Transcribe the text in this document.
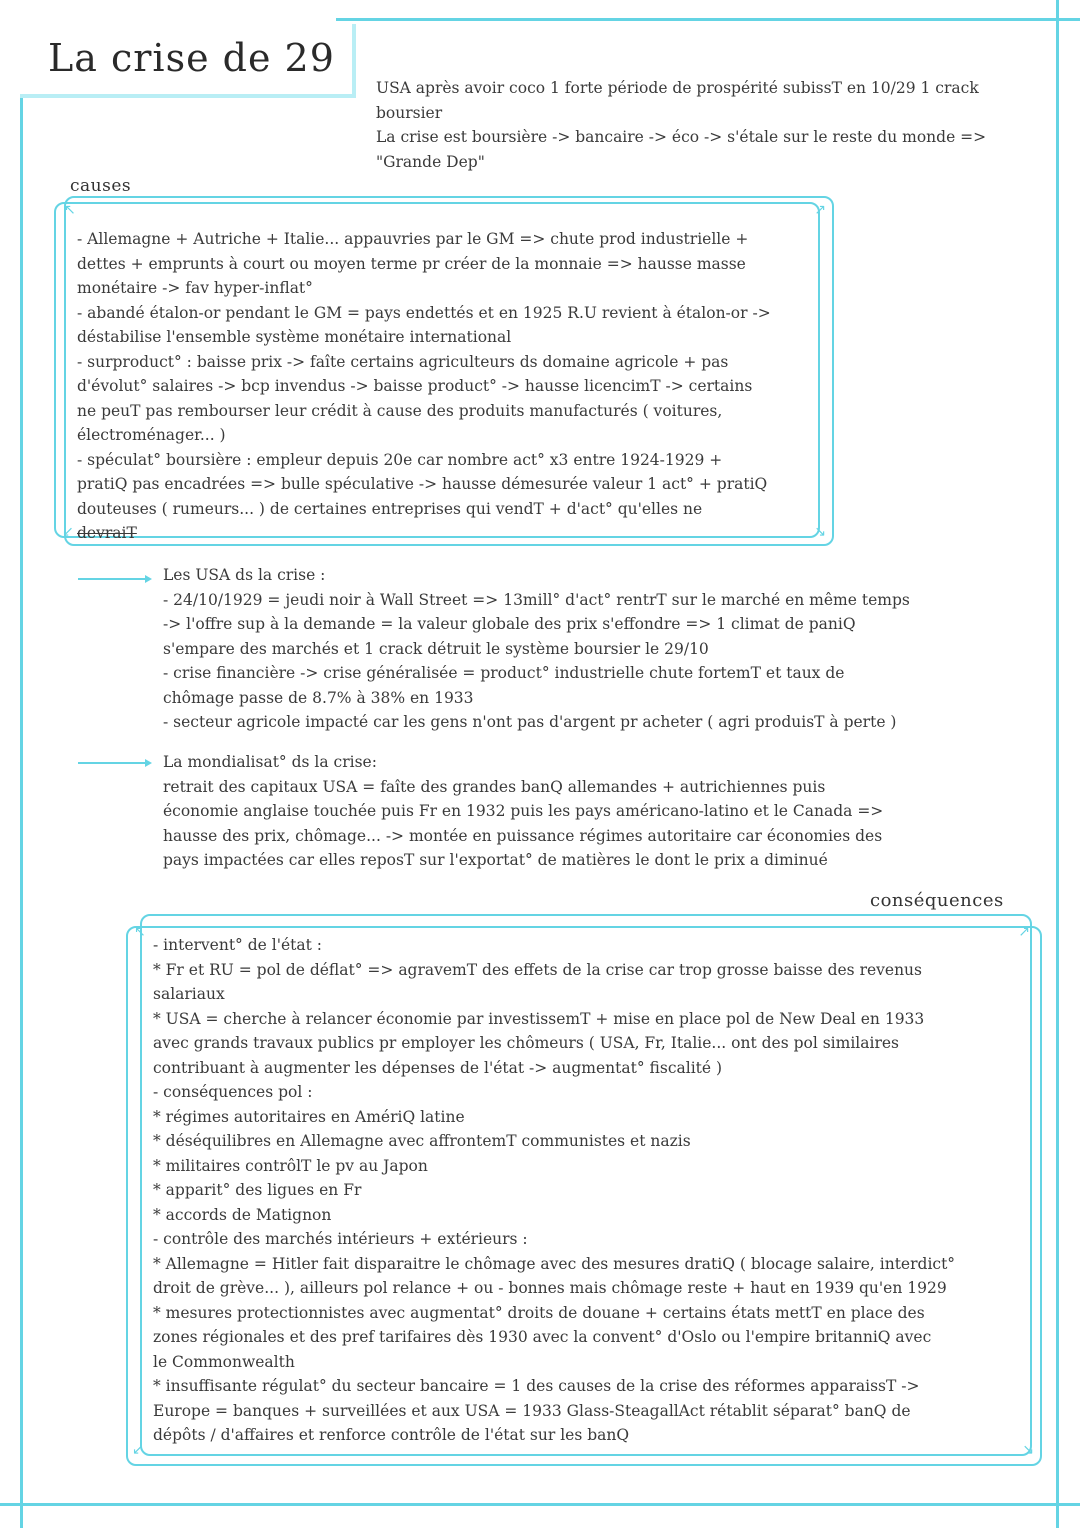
La crise de 29

USA après avoir coco 1 forte période de prospérité subissT en 10/29 1 crack

boursier

La crise est boursière -> bancaire -> éco -> s'étale sur le reste du monde =>

"Grande Dep"

causes
↖	↗
↙	↘

- Allemagne + Autriche + Italie... appauvries par le GM => chute prod industrielle +

dettes + emprunts à court ou moyen terme pr créer de la monnaie => hausse masse

monétaire -> fav hyper-inflat°

- abandé étalon-or pendant le GM = pays endettés et en 1925 R.U revient à étalon-or ->

déstabilise l'ensemble système monétaire international

- surproduct° : baisse prix -> faîte certains agriculteurs ds domaine agricole + pas

d'évolut° salaires -> bcp invendus -> baisse product° -> hausse licencimT -> certains

ne peuT pas rembourser leur crédit à cause des produits manufacturés ( voitures,

électroménager... )

- spéculat° boursière : empleur depuis 20e car nombre act° x3 entre 1924-1929 +

pratiQ pas encadrées => bulle spéculative -> hausse démesurée valeur 1 act° + pratiQ

douteuses ( rumeurs... ) de certaines entreprises qui vendT + d'act° qu'elles ne

devraiT

Les USA ds la crise :

- 24/10/1929 = jeudi noir à Wall Street => 13mill° d'act° rentrT sur le marché en même temps

-> l'offre sup à la demande = la valeur globale des prix s'effondre => 1 climat de paniQ

s'empare des marchés et 1 crack détruit le système boursier le 29/10

- crise financière -> crise généralisée = product° industrielle chute fortemT et taux de

chômage passe de 8.7% à 38% en 1933

- secteur agricole impacté car les gens n'ont pas d'argent pr acheter ( agri produisT à perte )

La mondialisat° ds la crise:

retrait des capitaux USA = faîte des grandes banQ allemandes + autrichiennes puis

économie anglaise touchée puis Fr en 1932 puis les pays américano-latino et le Canada =>

hausse des prix, chômage... -> montée en puissance régimes autoritaire car économies des

pays impactées car elles reposT sur l'exportat° de matières le dont le prix a diminué

conséquences
↖	↗
↙	↘

- intervent° de l'état :

* Fr et RU = pol de déflat° => agravemT des effets de la crise car trop grosse baisse des revenus

salariaux

* USA = cherche à relancer économie par investissemT + mise en place pol de New Deal en 1933

avec grands travaux publics pr employer les chômeurs ( USA, Fr, Italie... ont des pol similaires

contribuant à augmenter les dépenses de l'état -> augmentat° fiscalité )

- conséquences pol :

* régimes autoritaires en AmériQ latine

* déséquilibres en Allemagne avec affrontemT communistes et nazis

* militaires contrôlT le pv au Japon

* apparit° des ligues en Fr

* accords de Matignon

- contrôle des marchés intérieurs + extérieurs :

* Allemagne = Hitler fait disparaitre le chômage avec des mesures dratiQ ( blocage salaire, interdict°

droit de grève... ), ailleurs pol relance + ou - bonnes mais chômage reste + haut en 1939 qu'en 1929

* mesures protectionnistes avec augmentat° droits de douane + certains états mettT en place des

zones régionales et des pref tarifaires dès 1930 avec la convent° d'Oslo ou l'empire britanniQ avec

le Commonwealth

* insuffisante régulat° du secteur bancaire = 1 des causes de la crise des réformes apparaissT ->

Europe = banques + surveillées et aux USA = 1933 Glass-SteagallAct rétablit séparat° banQ de

dépôts / d'affaires et renforce contrôle de l'état sur les banQ
